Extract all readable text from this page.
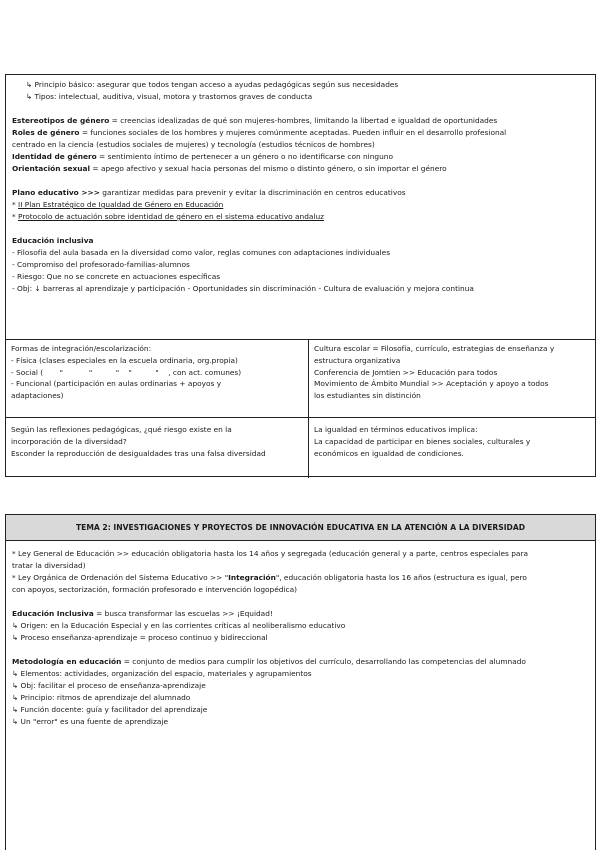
↳ Principio básico: asegurar que todos tengan acceso a ayudas pedagógicas según sus necesidades
↳ Tipos: intelectual, auditiva, visual, motora y trastornos graves de conducta
Estereotipos de género = creencias idealizadas de qué son mujeres-hombres, limitando la libertad e igualdad de oportunidades
Roles de género = funciones sociales de los hombres y mujeres comúnmente aceptadas. Pueden influir en el desarrollo profesional
centrado en la ciencia (estudios sociales de mujeres) y tecnología (estudios técnicos de hombres)
Identidad de género = sentimiento íntimo de pertenecer a un género o no identificarse con ninguno
Orientación sexual = apego afectivo y sexual hacia personas del mismo o distinto género, o sin importar el género
Plano educativo >>> garantizar medidas para prevenir y evitar la discriminación en centros educativos
* II Plan Estratégico de Igualdad de Género en Educación
* Protocolo de actuación sobre identidad de género en el sistema educativo andaluz
Educación inclusiva
- Filosofía del aula basada en la diversidad como valor, reglas comunes con adaptaciones individuales
- Compromiso del profesorado-familias-alumnos
- Riesgo: Que no se concrete en actuaciones específicas
- Obj: ↓ barreras al aprendizaje y participación - Oportunidades sin discriminación - Cultura de evaluación y mejora continua
Formas de integración/escolarización:
- Física (clases especiales en la escuela ordinaria, org.propia)
- Social (       "           "          "    "          "    , con act. comunes)
- Funcional (participación en aulas ordinarias + apoyos y
adaptaciones)
Cultura escolar = Filosofía, currículo, estrategias de enseñanza y
estructura organizativa
Conferencia de Jomtien >> Educación para todos
Movimiento de Ámbito Mundial >> Aceptación y apoyo a todos
los estudiantes sin distinción
Según las reflexiones pedagógicas, ¿qué riesgo existe en la
incorporación de la diversidad?
Esconder la reproducción de desigualdades tras una falsa diversidad
La igualdad en términos educativos implica:
La capacidad de participar en bienes sociales, culturales y
económicos en igualdad de condiciones.
TEMA 2: INVESTIGACIONES Y PROYECTOS DE INNOVACIÓN EDUCATIVA EN LA ATENCIÓN A LA DIVERSIDAD
* Ley General de Educación >> educación obligatoria hasta los 14 años y segregada (educación general y a parte, centros especiales para
tratar la diversidad)
* Ley Orgánica de Ordenación del Sistema Educativo >> "Integración", educación obligatoria hasta los 16 años (estructura es igual, pero
con apoyos, sectorización, formación profesorado e intervención logopédica)
Educación Inclusiva = busca transformar las escuelas >> ¡Equidad!
↳ Origen: en la Educación Especial y en las corrientes críticas al neoliberalismo educativo
↳ Proceso enseñanza-aprendizaje = proceso continuo y bidireccional
Metodología en educación = conjunto de medios para cumplir los objetivos del currículo, desarrollando las competencias del alumnado
↳ Elementos: actividades, organización del espacio, materiales y agrupamientos
↳ Obj: facilitar el proceso de enseñanza-aprendizaje
↳ Principio: ritmos de aprendizaje del alumnado
↳ Función docente: guía y facilitador del aprendizaje
↳ Un "error" es una fuente de aprendizaje
